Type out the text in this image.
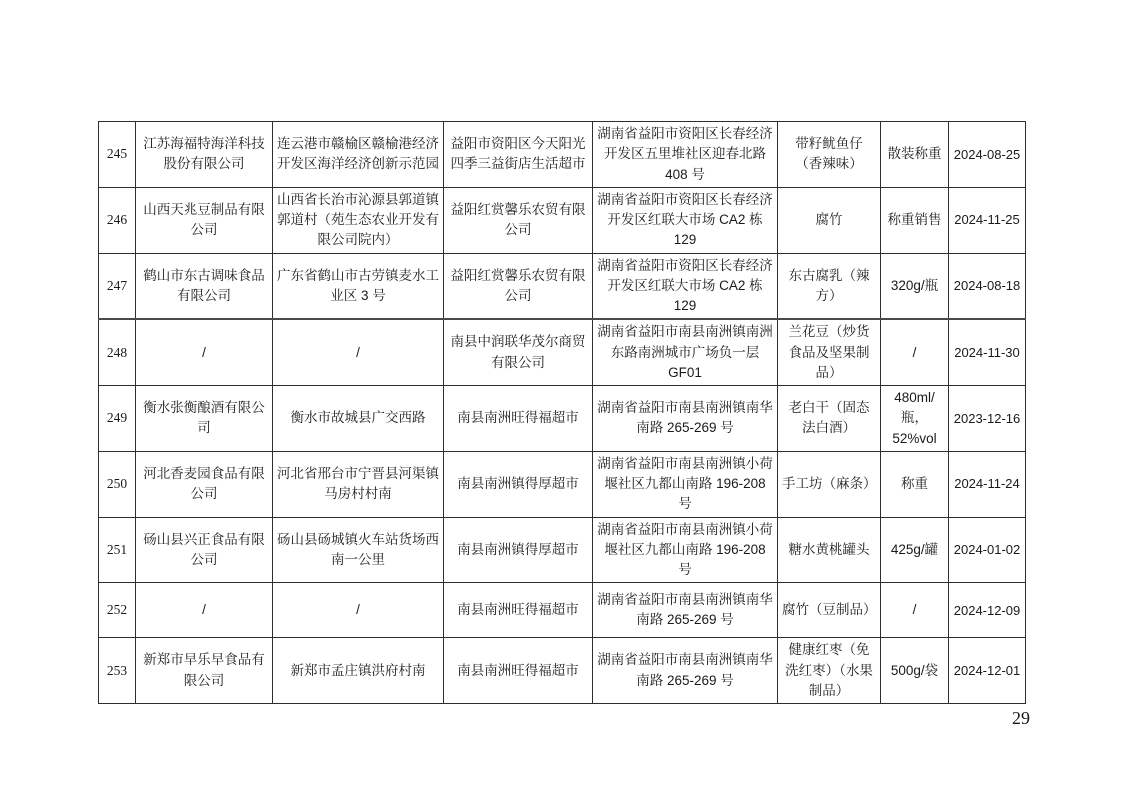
245	江苏海福特海洋科技股份有限公司	连云港市赣榆区赣榆港经济开发区海洋经济创新示范园	益阳市资阳区今天阳光四季三益街店生活超市	湖南省益阳市资阳区长春经济开发区五里堆社区迎春北路 408 号	带籽鱿鱼仔（香辣味）	散装称重	2024-08-25
246	山西天兆豆制品有限公司	山西省长治市沁源县郭道镇郭道村（苑生态农业开发有限公司院内）	益阳红赏馨乐农贸有限公司	湖南省益阳市资阳区长春经济开发区红联大市场 CA2 栋 129	腐竹	称重销售	2024-11-25
247	鹤山市东古调味食品有限公司	广东省鹤山市古劳镇麦水工业区 3 号	益阳红赏馨乐农贸有限公司	湖南省益阳市资阳区长春经济开发区红联大市场 CA2 栋 129	东古腐乳（辣方）	320g/瓶	2024-08-18
248	/	/	南县中润联华茂尔商贸有限公司	湖南省益阳市南县南洲镇南洲东路南洲城市广场负一层 GF01	兰花豆（炒货食品及坚果制品）	/	2024-11-30
249	衡水张衡酿酒有限公司	衡水市故城县广交西路	南县南洲旺得福超市	湖南省益阳市南县南洲镇南华南路 265-269 号	老白干（固态法白酒）	480ml/瓶，52%vol	2023-12-16
250	河北香麦园食品有限公司	河北省邢台市宁晋县河渠镇马房村村南	南县南洲镇得厚超市	湖南省益阳市南县南洲镇小荷堰社区九都山南路 196-208 号	手工坊（麻条）	称重	2024-11-24
251	砀山县兴正食品有限公司	砀山县砀城镇火车站货场西南一公里	南县南洲镇得厚超市	湖南省益阳市南县南洲镇小荷堰社区九都山南路 196-208 号	糖水黄桃罐头	425g/罐	2024-01-02
252	/	/	南县南洲旺得福超市	湖南省益阳市南县南洲镇南华南路 265-269 号	腐竹（豆制品）	/	2024-12-09
253	新郑市早乐早食品有限公司	新郑市孟庄镇洪府村南	南县南洲旺得福超市	湖南省益阳市南县南洲镇南华南路 265-269 号	健康红枣（免洗红枣）（水果制品）	500g/袋	2024-12-01
29
